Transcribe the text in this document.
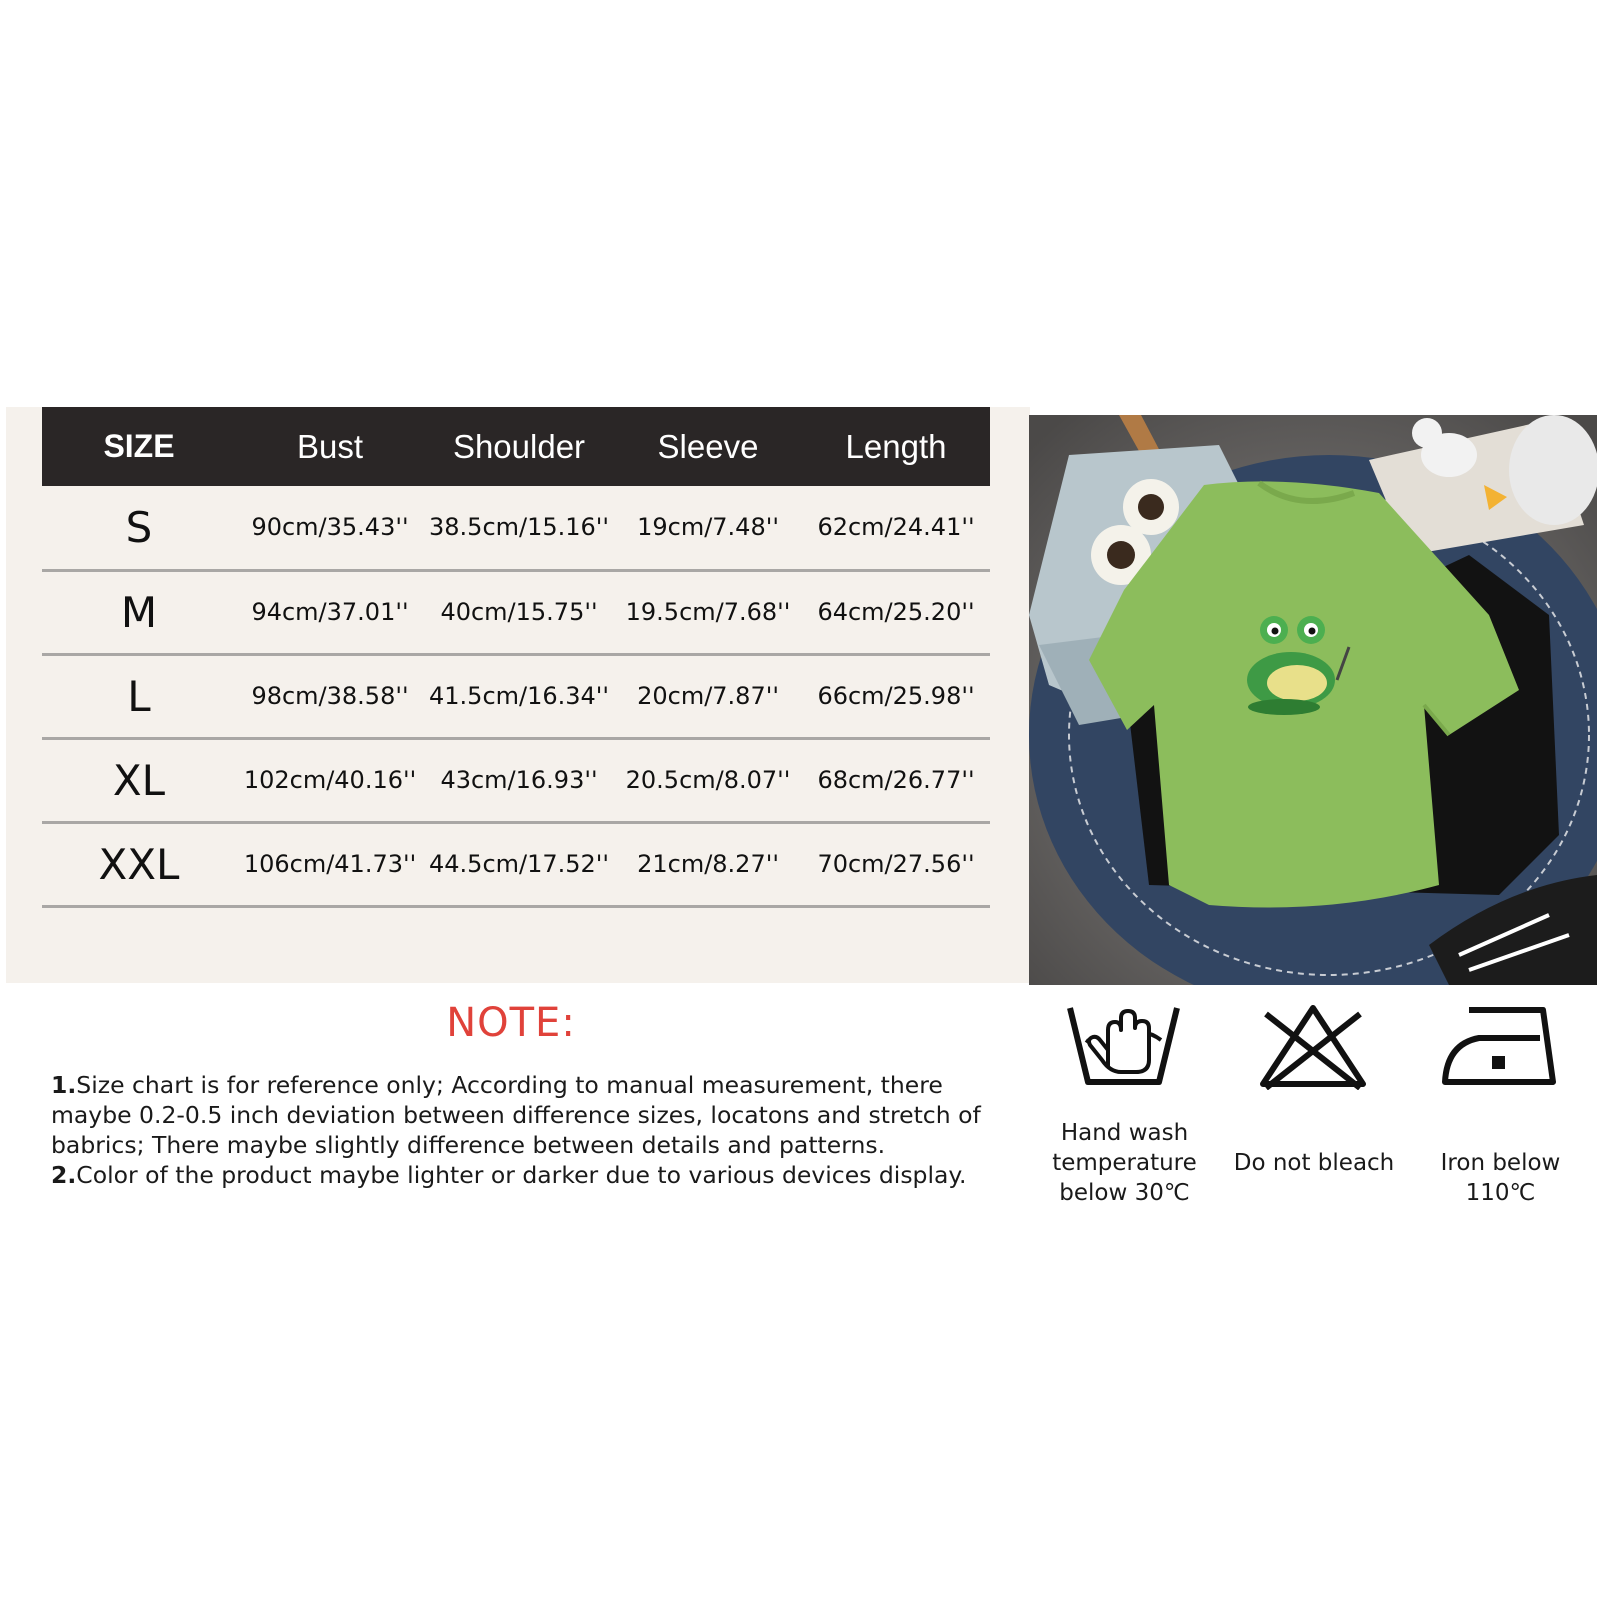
SIZE	Bust	Shoulder	Sleeve	Length
S	90cm/35.43''	38.5cm/15.16''	19cm/7.48''	62cm/24.41''
M	94cm/37.01''	40cm/15.75''	19.5cm/7.68''	64cm/25.20''
L	98cm/38.58''	41.5cm/16.34''	20cm/7.87''	66cm/25.98''
XL	102cm/40.16''	43cm/16.93''	20.5cm/8.07''	68cm/26.77''
XXL	106cm/41.73''	44.5cm/17.52''	21cm/8.27''	70cm/27.56''
NOTE:

1.Size chart is for reference only; According to manual measurement, there maybe 0.2-0.5 inch deviation between difference sizes, locatons and stretch of babrics; There maybe slightly difference between details and patterns.

2.Color of the product maybe lighter or darker due to various devices display.

Hand wash
temperature
below 30℃
Do not bleach	Iron below 110℃
